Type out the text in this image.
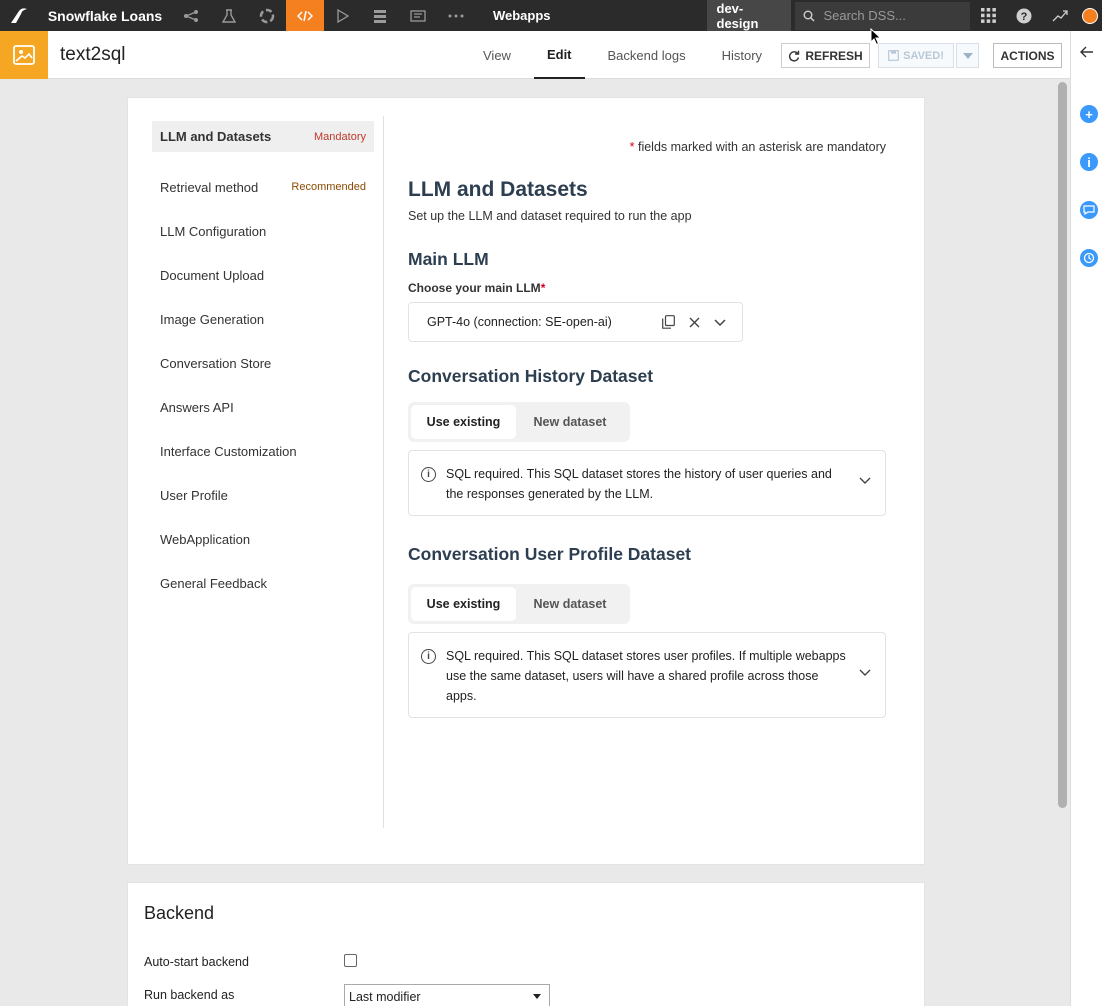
Snowflake Loans	Webapps	dev-design	Search DSS...	?
text2sql	View	Edit	Backend logs	History	REFRESH	SAVED!	ACTIONS
+
i
LLM and Datasets	Mandatory
Retrieval method	Recommended
LLM Configuration
Document Upload
Image Generation
Conversation Store
Answers API
Interface Customization
User Profile
WebApplication
General Feedback
* fields marked with an asterisk are mandatory
LLM and Datasets
Set up the LLM and dataset required to run the app
Main LLM
Choose your main LLM*
GPT-4o (connection: SE-open-ai)
Conversation History Dataset
Use existing	New dataset
i	SQL required. This SQL dataset stores the history of user queries and the responses generated by the LLM.
Conversation User Profile Dataset
Use existing	New dataset
i	SQL required. This SQL dataset stores user profiles. If multiple webapps use the same dataset, users will have a shared profile across those apps.
Backend
Auto-start backend
Run backend as	Last modifier
